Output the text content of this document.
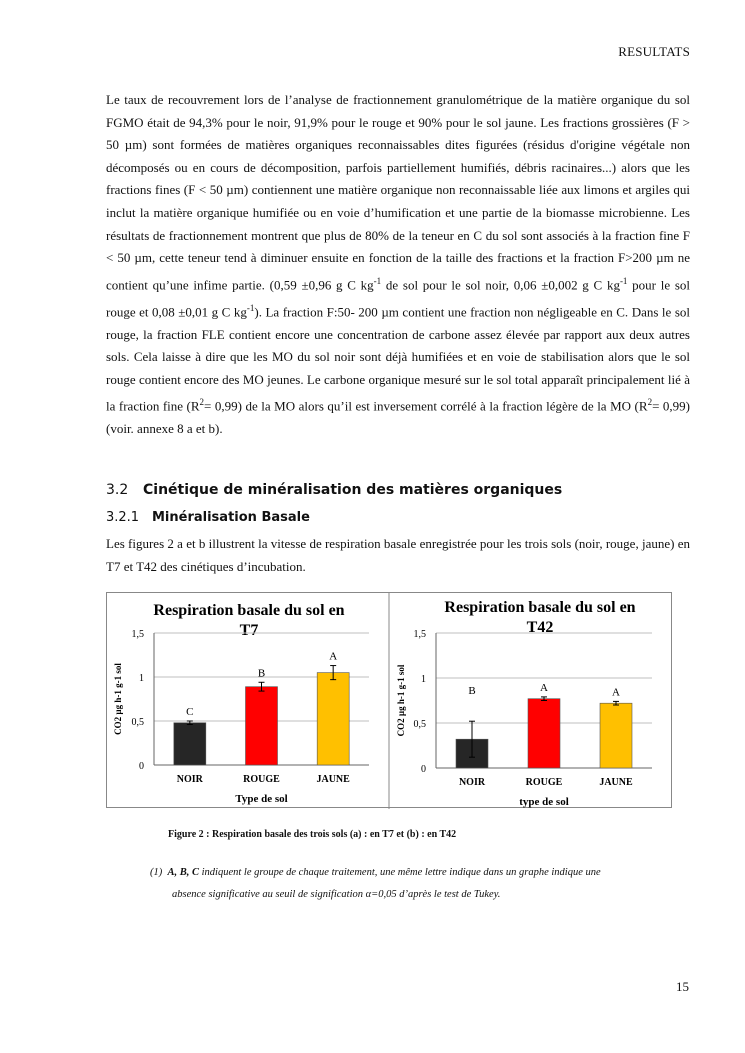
RESULTATS

Le taux de recouvrement lors de l’analyse de fractionnement granulométrique de la matière organique du sol FGMO était de 94,3% pour le noir, 91,9% pour le rouge et 90% pour le sol jaune. Les fractions grossières (F > 50 µm) sont formées de matières organiques reconnaissables dites figurées (résidus d'origine végétale non décomposés ou en cours de décomposition, parfois partiellement humifiés, débris racinaires...) alors que les fractions fines (F < 50 µm) contiennent une matière organique non reconnaissable liée aux limons et argiles qui inclut la matière organique humifiée ou en voie d’humification et une partie de la biomasse microbienne. Les résultats de fractionnement montrent que plus de 80% de la teneur en C du sol sont associés à la fraction fine F < 50 µm, cette teneur tend à diminuer ensuite en fonction de la taille des fractions et la fraction F>200 µm ne contient qu’une infime partie. (0,59 ±0,96 g C $kg^{-1}$ de sol pour le sol noir, 0,06 ±0,002 g C $kg^{-1}$ pour le sol rouge et 0,08 ±0,01 g C $kg^{-1}$). La fraction F:50- 200 µm contient une fraction non négligeable en C. Dans le sol rouge, la fraction FLE contient encore une concentration de carbone assez élevée par rapport aux deux autres sols. Cela laisse à dire que les MO du sol noir sont déjà humifiées et en voie de stabilisation alors que le sol rouge contient encore des MO jeunes. Le carbone organique mesuré sur le sol total apparaît principalement lié à la fraction fine $(R^2= 0,99)$ de la MO alors qu’il est inversement corrélé à la fraction légère de la MO $(R^2= 0,99)$ (voir. annexe 8 a et b).

3.2 Cinétique de minéralisation des matières organiques
3.2.1 Minéralisation Basale

Les figures 2 a et b illustrent la vitesse de respiration basale enregistrée pour les trois sols (noir, rouge, jaune) en T7 et T42 des cinétiques d’incubation.

Respiration basale du sol en
T7
0
0,5
1
1,5
CO2 µg h-1 g-1 sol	C
NOIR
B
ROUGE
A
JAUNE
Type de sol
Respiration basale du sol en
T42
0
0,5
1
1,5
CO2 µg h-1 g-1 sol	B
NOIR
A
ROUGE
A
JAUNE
type de sol
Figure 2 : Respiration basale des trois sols (a) : en T7 et (b) : en T42
(1) A, B, C indiquent le groupe de chaque traitement, une même lettre indique dans un graphe indique une
absence significative au seuil de signification α=0,05 d’après le test de Tukey.
15
